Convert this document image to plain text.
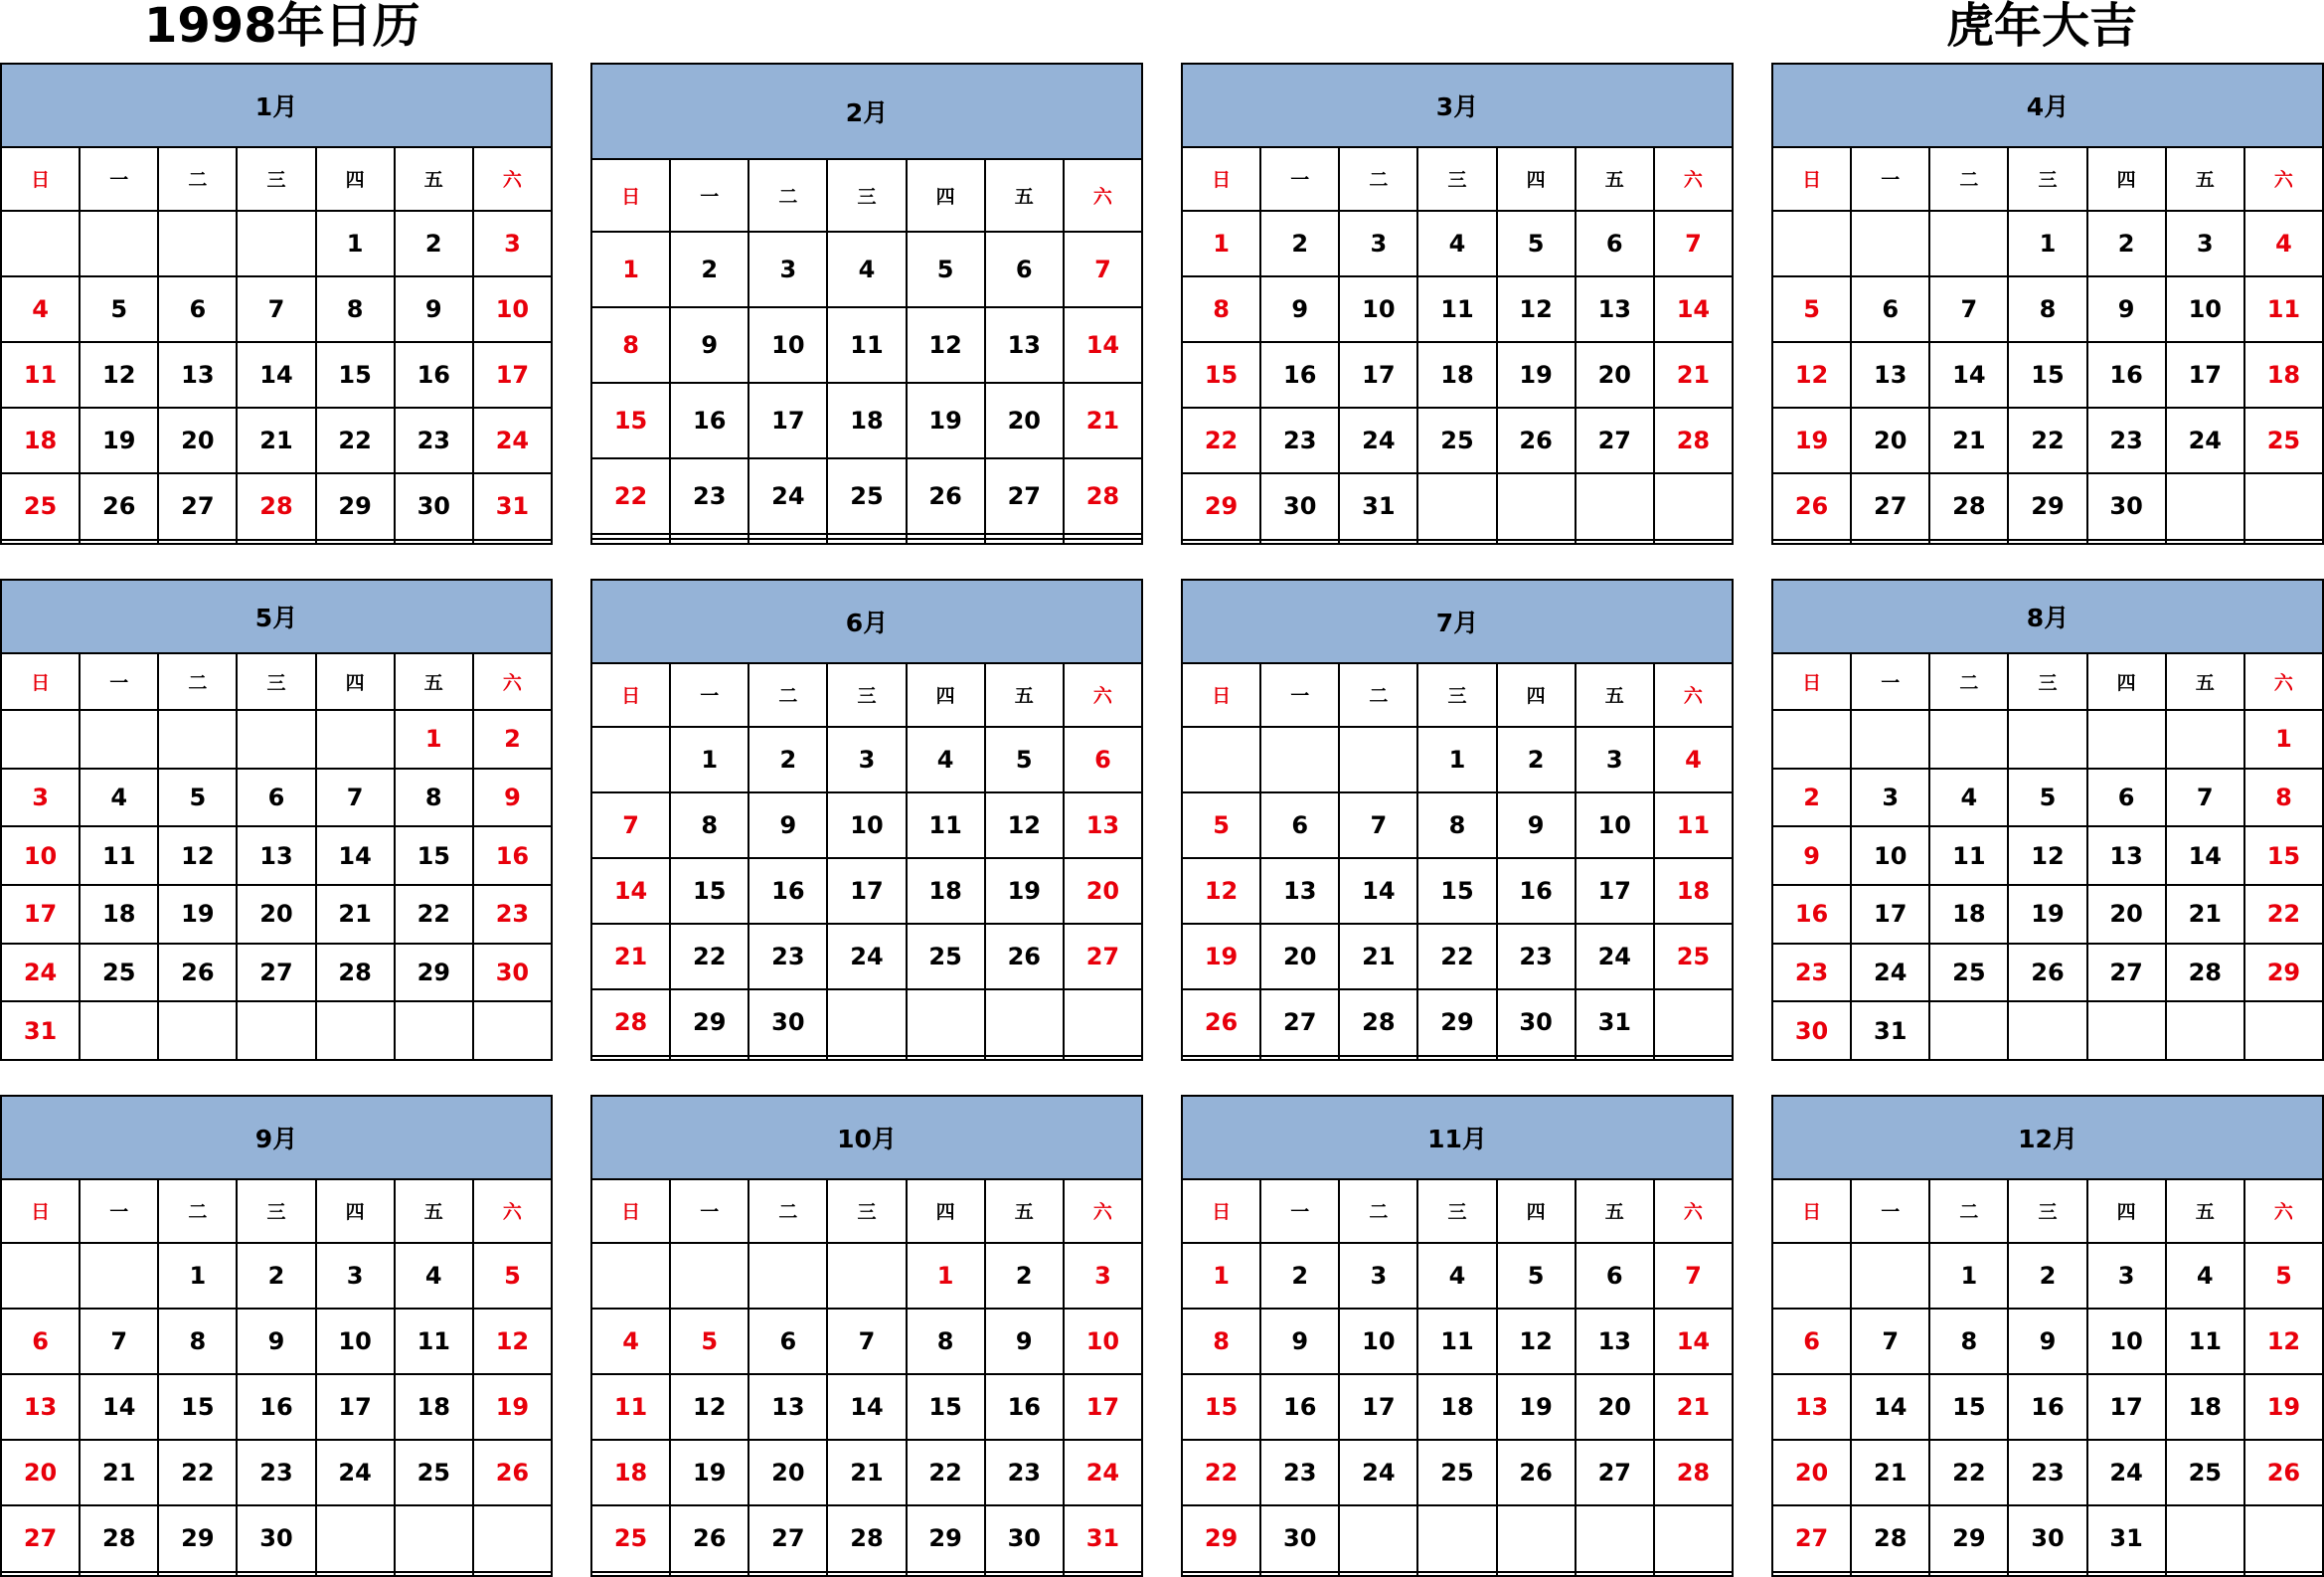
1998年日历	虎年大吉
1月						
日	一	二	三	四	五	六
				1	2	3
4	5	6	7	8	9	10
11	12	13	14	15	16	17
18	19	20	21	22	23	24
25	26	27	28	29	30	31

2月						
日	一	二	三	四	五	六
1	2	3	4	5	6	7
8	9	10	11	12	13	14
15	16	17	18	19	20	21
22	23	24	25	26	27	28

3月						
日	一	二	三	四	五	六
1	2	3	4	5	6	7
8	9	10	11	12	13	14
15	16	17	18	19	20	21
22	23	24	25	26	27	28
29	30	31				

4月						
日	一	二	三	四	五	六
			1	2	3	4
5	6	7	8	9	10	11
12	13	14	15	16	17	18
19	20	21	22	23	24	25
26	27	28	29	30		

5月						
日	一	二	三	四	五	六
					1	2
3	4	5	6	7	8	9
10	11	12	13	14	15	16
17	18	19	20	21	22	23
24	25	26	27	28	29	30
31						
6月						
日	一	二	三	四	五	六
	1	2	3	4	5	6
7	8	9	10	11	12	13
14	15	16	17	18	19	20
21	22	23	24	25	26	27
28	29	30				

7月						
日	一	二	三	四	五	六
			1	2	3	4
5	6	7	8	9	10	11
12	13	14	15	16	17	18
19	20	21	22	23	24	25
26	27	28	29	30	31	

8月						
日	一	二	三	四	五	六
						1
2	3	4	5	6	7	8
9	10	11	12	13	14	15
16	17	18	19	20	21	22
23	24	25	26	27	28	29
30	31					
9月						
日	一	二	三	四	五	六
		1	2	3	4	5
6	7	8	9	10	11	12
13	14	15	16	17	18	19
20	21	22	23	24	25	26
27	28	29	30			

10月						
日	一	二	三	四	五	六
				1	2	3
4	5	6	7	8	9	10
11	12	13	14	15	16	17
18	19	20	21	22	23	24
25	26	27	28	29	30	31

11月						
日	一	二	三	四	五	六
1	2	3	4	5	6	7
8	9	10	11	12	13	14
15	16	17	18	19	20	21
22	23	24	25	26	27	28
29	30					

12月						
日	一	二	三	四	五	六
		1	2	3	4	5
6	7	8	9	10	11	12
13	14	15	16	17	18	19
20	21	22	23	24	25	26
27	28	29	30	31		
